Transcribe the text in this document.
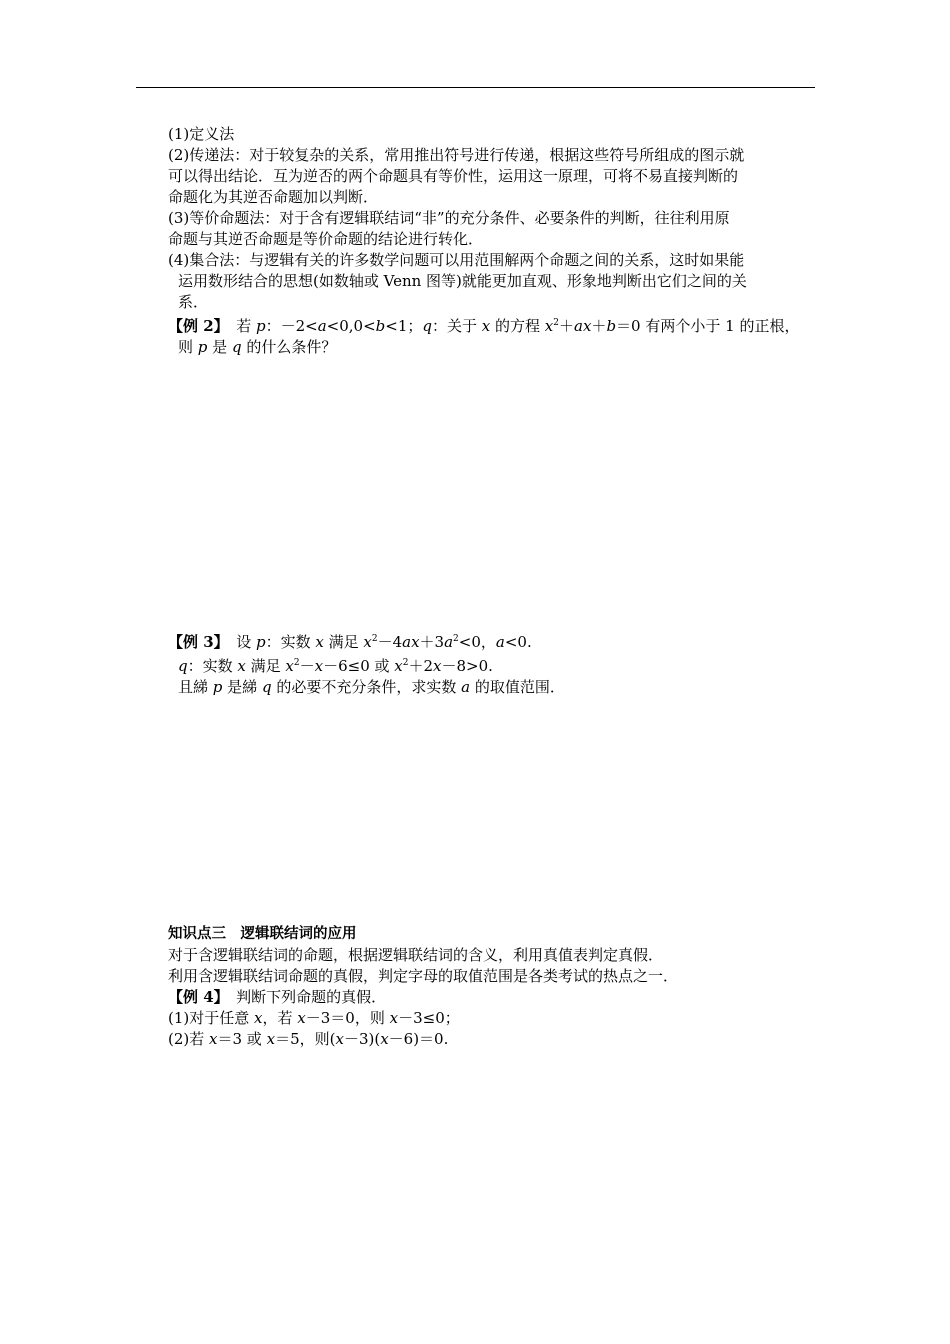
(1)定义法

(2)传递法：对于较复杂的关系，常用推出符号进行传递，根据这些符号所组成的图示就

可以得出结论．互为逆否的两个命题具有等价性，运用这一原理，可将不易直接判断的

命题化为其逆否命题加以判断．

(3)等价命题法：对于含有逻辑联结词“非”的充分条件、必要条件的判断，往往利用原

命题与其逆否命题是等价命题的结论进行转化．

(4)集合法：与逻辑有关的许多数学问题可以用范围解两个命题之间的关系，这时如果能

运用数形结合的思想(如数轴或 Venn 图等)就能更加直观、形象地判断出它们之间的关

系．

【例 2】　 若 p：－2<a<0,0<b<1；q：关于 x 的方程 $x^2+ax+b=0$ 有两个小于 1 的正根，

则 p 是 q 的什么条件？

【例 3】　 设 p：实数 x 满足 $x^2-4ax+3a^2<0$，a<0.

q：实数 x 满足 $x^2-x-6\le 0$ 或 $x^2+2x-8>0$.

且綈 p 是綈 q 的必要不充分条件，求实数 a 的取值范围．

知识点三　逻辑联结词的应用

对于含逻辑联结词的命题，根据逻辑联结词的含义，利用真值表判定真假．

利用含逻辑联结词命题的真假，判定字母的取值范围是各类考试的热点之一．

【例 4】　判断下列命题的真假．

(1)对于任意 x，若 x－3＝0，则 x－3≤0；

(2)若 x＝3 或 x＝5，则(x－3)(x－6)＝0.
